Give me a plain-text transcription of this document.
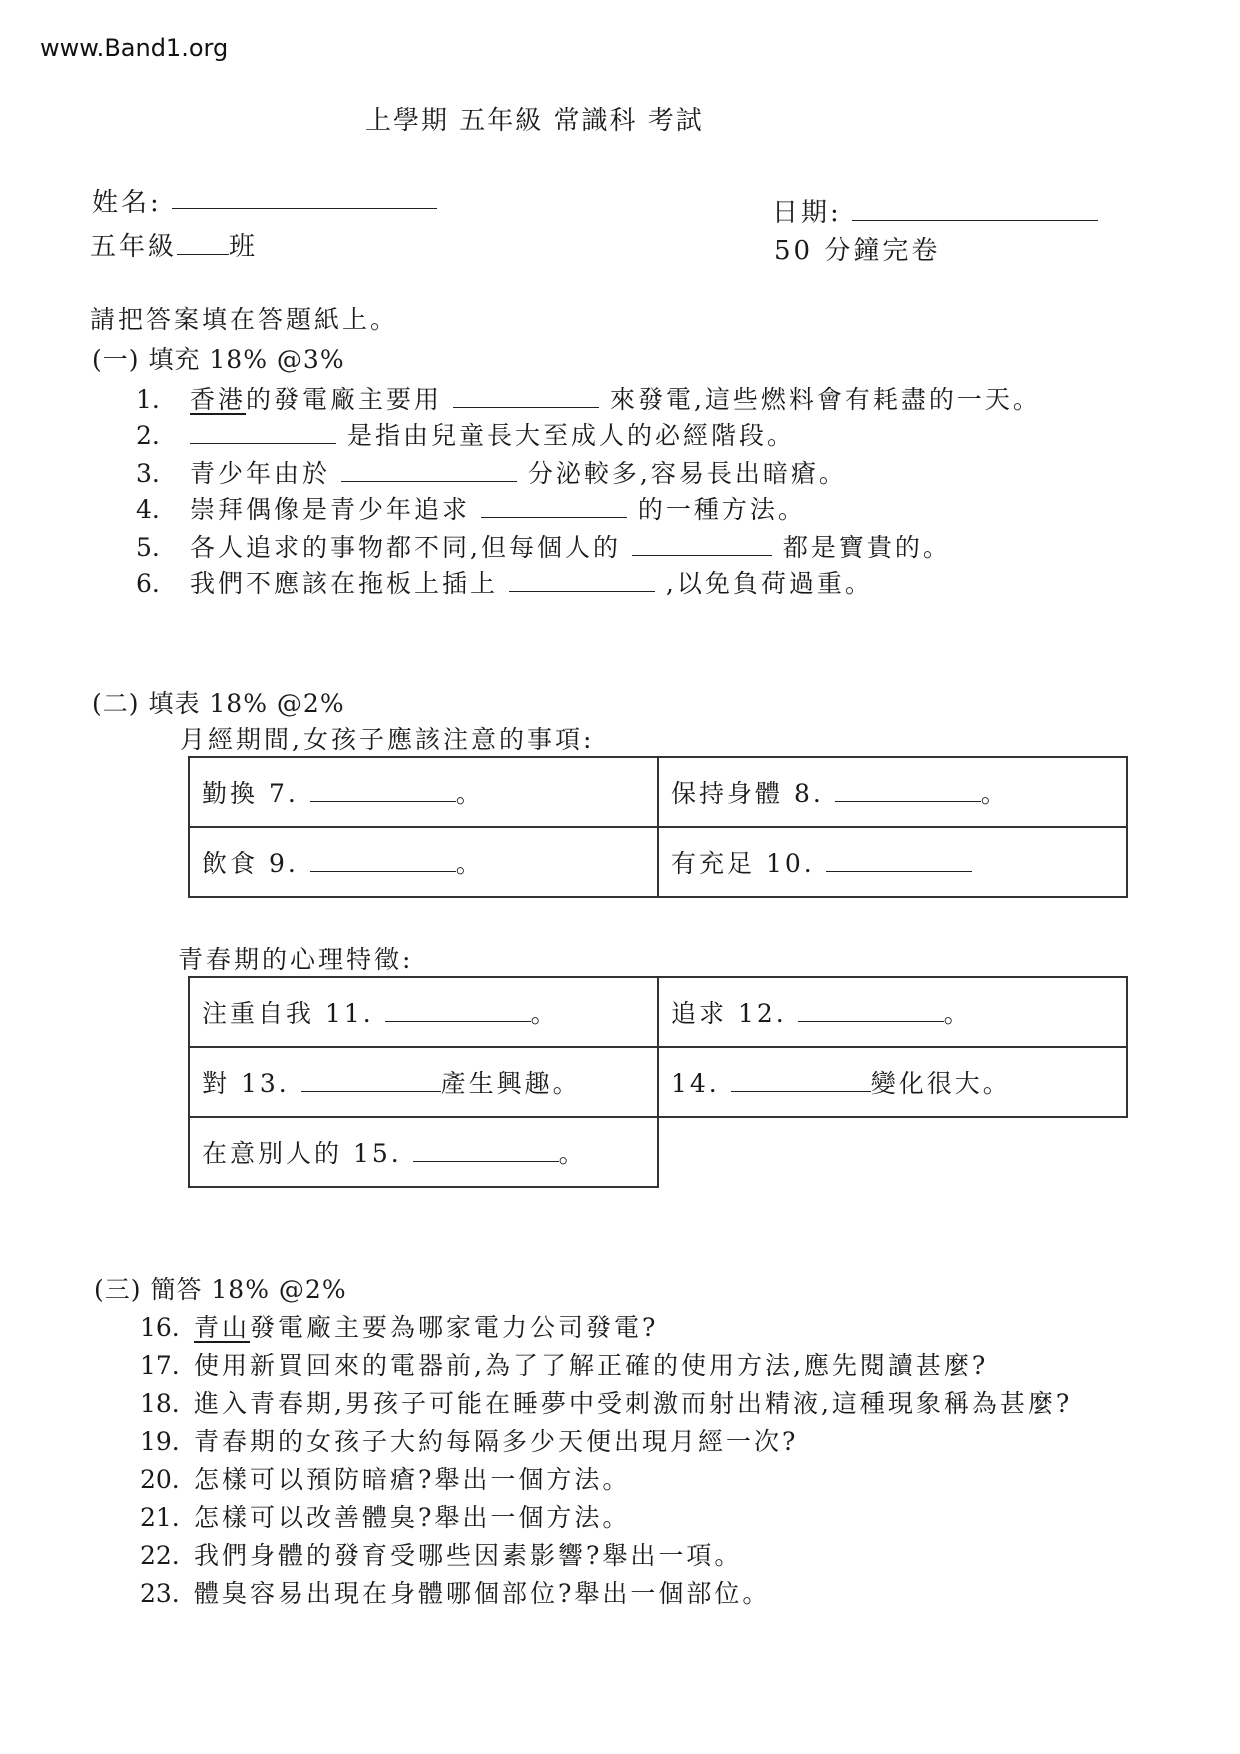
www.Band1.org
上學期 五年級 常識科 考試
姓名:	日期:
五年級 班	50 分鐘完卷
請把答案填在答題紙上。
(一) 填充 18% @3%
1. 香港的發電廠主要用	來發電,這些燃料會有耗盡的一天。
2.	是指由兒童長大至成人的必經階段。
3. 青少年由於	分泌較多,容易長出暗瘡。
4. 崇拜偶像是青少年追求	的一種方法。
5. 各人追求的事物都不同,但每個人的	都是寶貴的。
6. 我們不應該在拖板上插上	,以免負荷過重。
(二) 填表 18% @2%
月經期間,女孩子應該注意的事項:
勤換 7. 。	保持身體 8. 。
飲食 9. 。	有充足 10.
青春期的心理特徵:
注重自我 11. 。	追求 12. 。
對 13. 產生興趣。	14. 變化很大。
在意別人的 15. 。	
(三) 簡答 18% @2%
16. 青山發電廠主要為哪家電力公司發電?
17. 使用新買回來的電器前,為了了解正確的使用方法,應先閱讀甚麼?
18. 進入青春期,男孩子可能在睡夢中受刺激而射出精液,這種現象稱為甚麼?
19. 青春期的女孩子大約每隔多少天便出現月經一次?
20. 怎樣可以預防暗瘡?舉出一個方法。
21. 怎樣可以改善體臭?舉出一個方法。
22. 我們身體的發育受哪些因素影響?舉出一項。
23. 體臭容易出現在身體哪個部位?舉出一個部位。
